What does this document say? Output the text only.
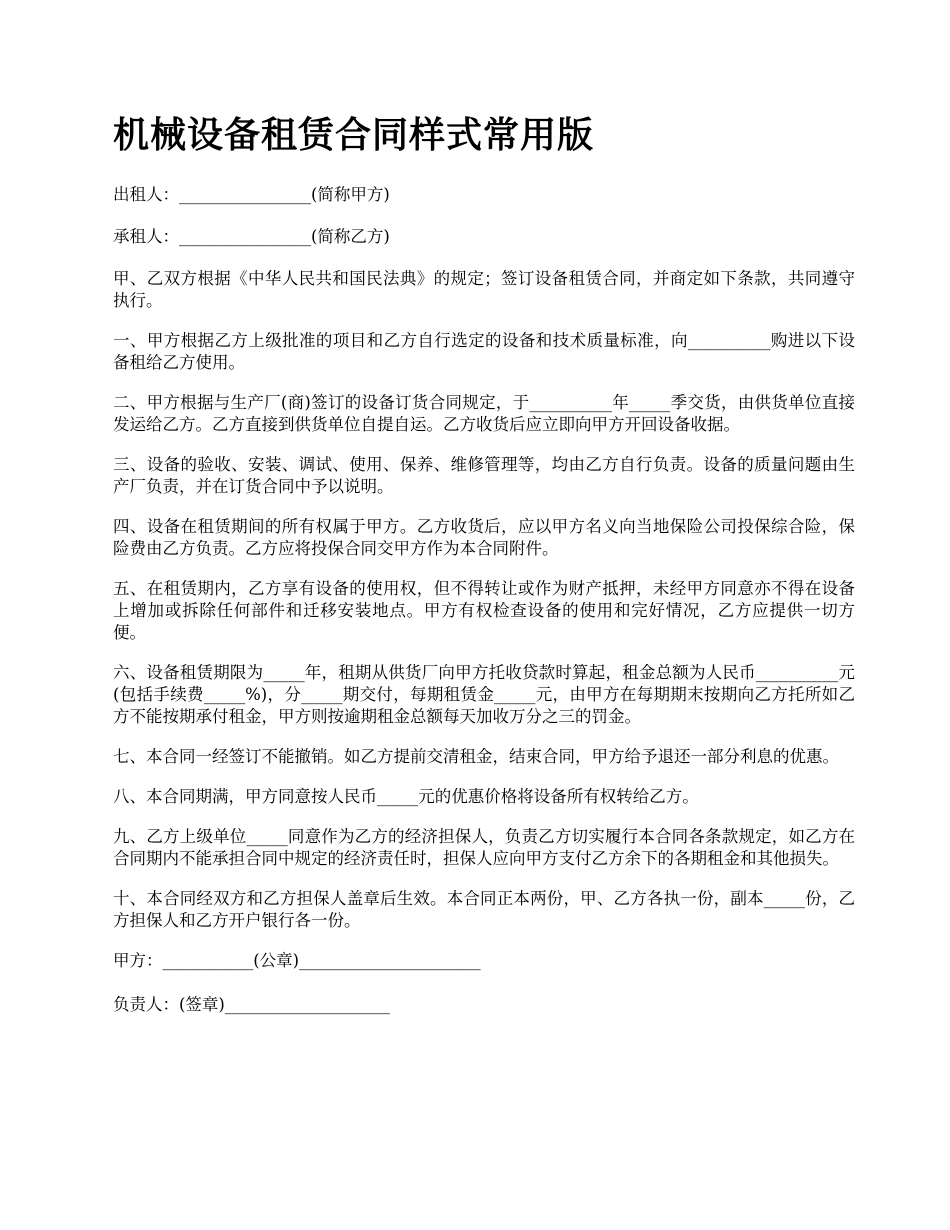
机械设备租赁合同样式常用版

出租人：________________(简称甲方)

承租人：________________(简称乙方)

甲、乙双方根据《中华人民共和国民法典》的规定；签订设备租赁合同，并商定如下条款，共同遵守执行。

一、甲方根据乙方上级批准的项目和乙方自行选定的设备和技术质量标准，向__________购进以下设备租给乙方使用。

二、甲方根据与生产厂(商)签订的设备订货合同规定，于__________年_____季交货，由供货单位直接发运给乙方。乙方直接到供货单位自提自运。乙方收货后应立即向甲方开回设备收据。

三、设备的验收、安装、调试、使用、保养、维修管理等，均由乙方自行负责。设备的质量问题由生产厂负责，并在订货合同中予以说明。

四、设备在租赁期间的所有权属于甲方。乙方收货后，应以甲方名义向当地保险公司投保综合险，保险费由乙方负责。乙方应将投保合同交甲方作为本合同附件。

五、在租赁期内，乙方享有设备的使用权，但不得转让或作为财产抵押，未经甲方同意亦不得在设备上增加或拆除任何部件和迁移安装地点。甲方有权检查设备的使用和完好情况，乙方应提供一切方便。

六、设备租赁期限为_____年，租期从供货厂向甲方托收贷款时算起，租金总额为人民币__________元(包括手续费_____%)，分_____期交付，每期租赁金_____元，由甲方在每期期末按期向乙方托所如乙方不能按期承付租金，甲方则按逾期租金总额每天加收万分之三的罚金。

七、本合同一经签订不能撤销。如乙方提前交清租金，结束合同，甲方给予退还一部分利息的优惠。

八、本合同期满，甲方同意按人民币_____元的优惠价格将设备所有权转给乙方。

九、乙方上级单位_____同意作为乙方的经济担保人，负责乙方切实履行本合同各条款规定，如乙方在合同期内不能承担合同中规定的经济责任时，担保人应向甲方支付乙方余下的各期租金和其他损失。

十、本合同经双方和乙方担保人盖章后生效。本合同正本两份，甲、乙方各执一份，副本_____份，乙方担保人和乙方开户银行各一份。

甲方：___________(公章)______________________

负责人：(签章)____________________
